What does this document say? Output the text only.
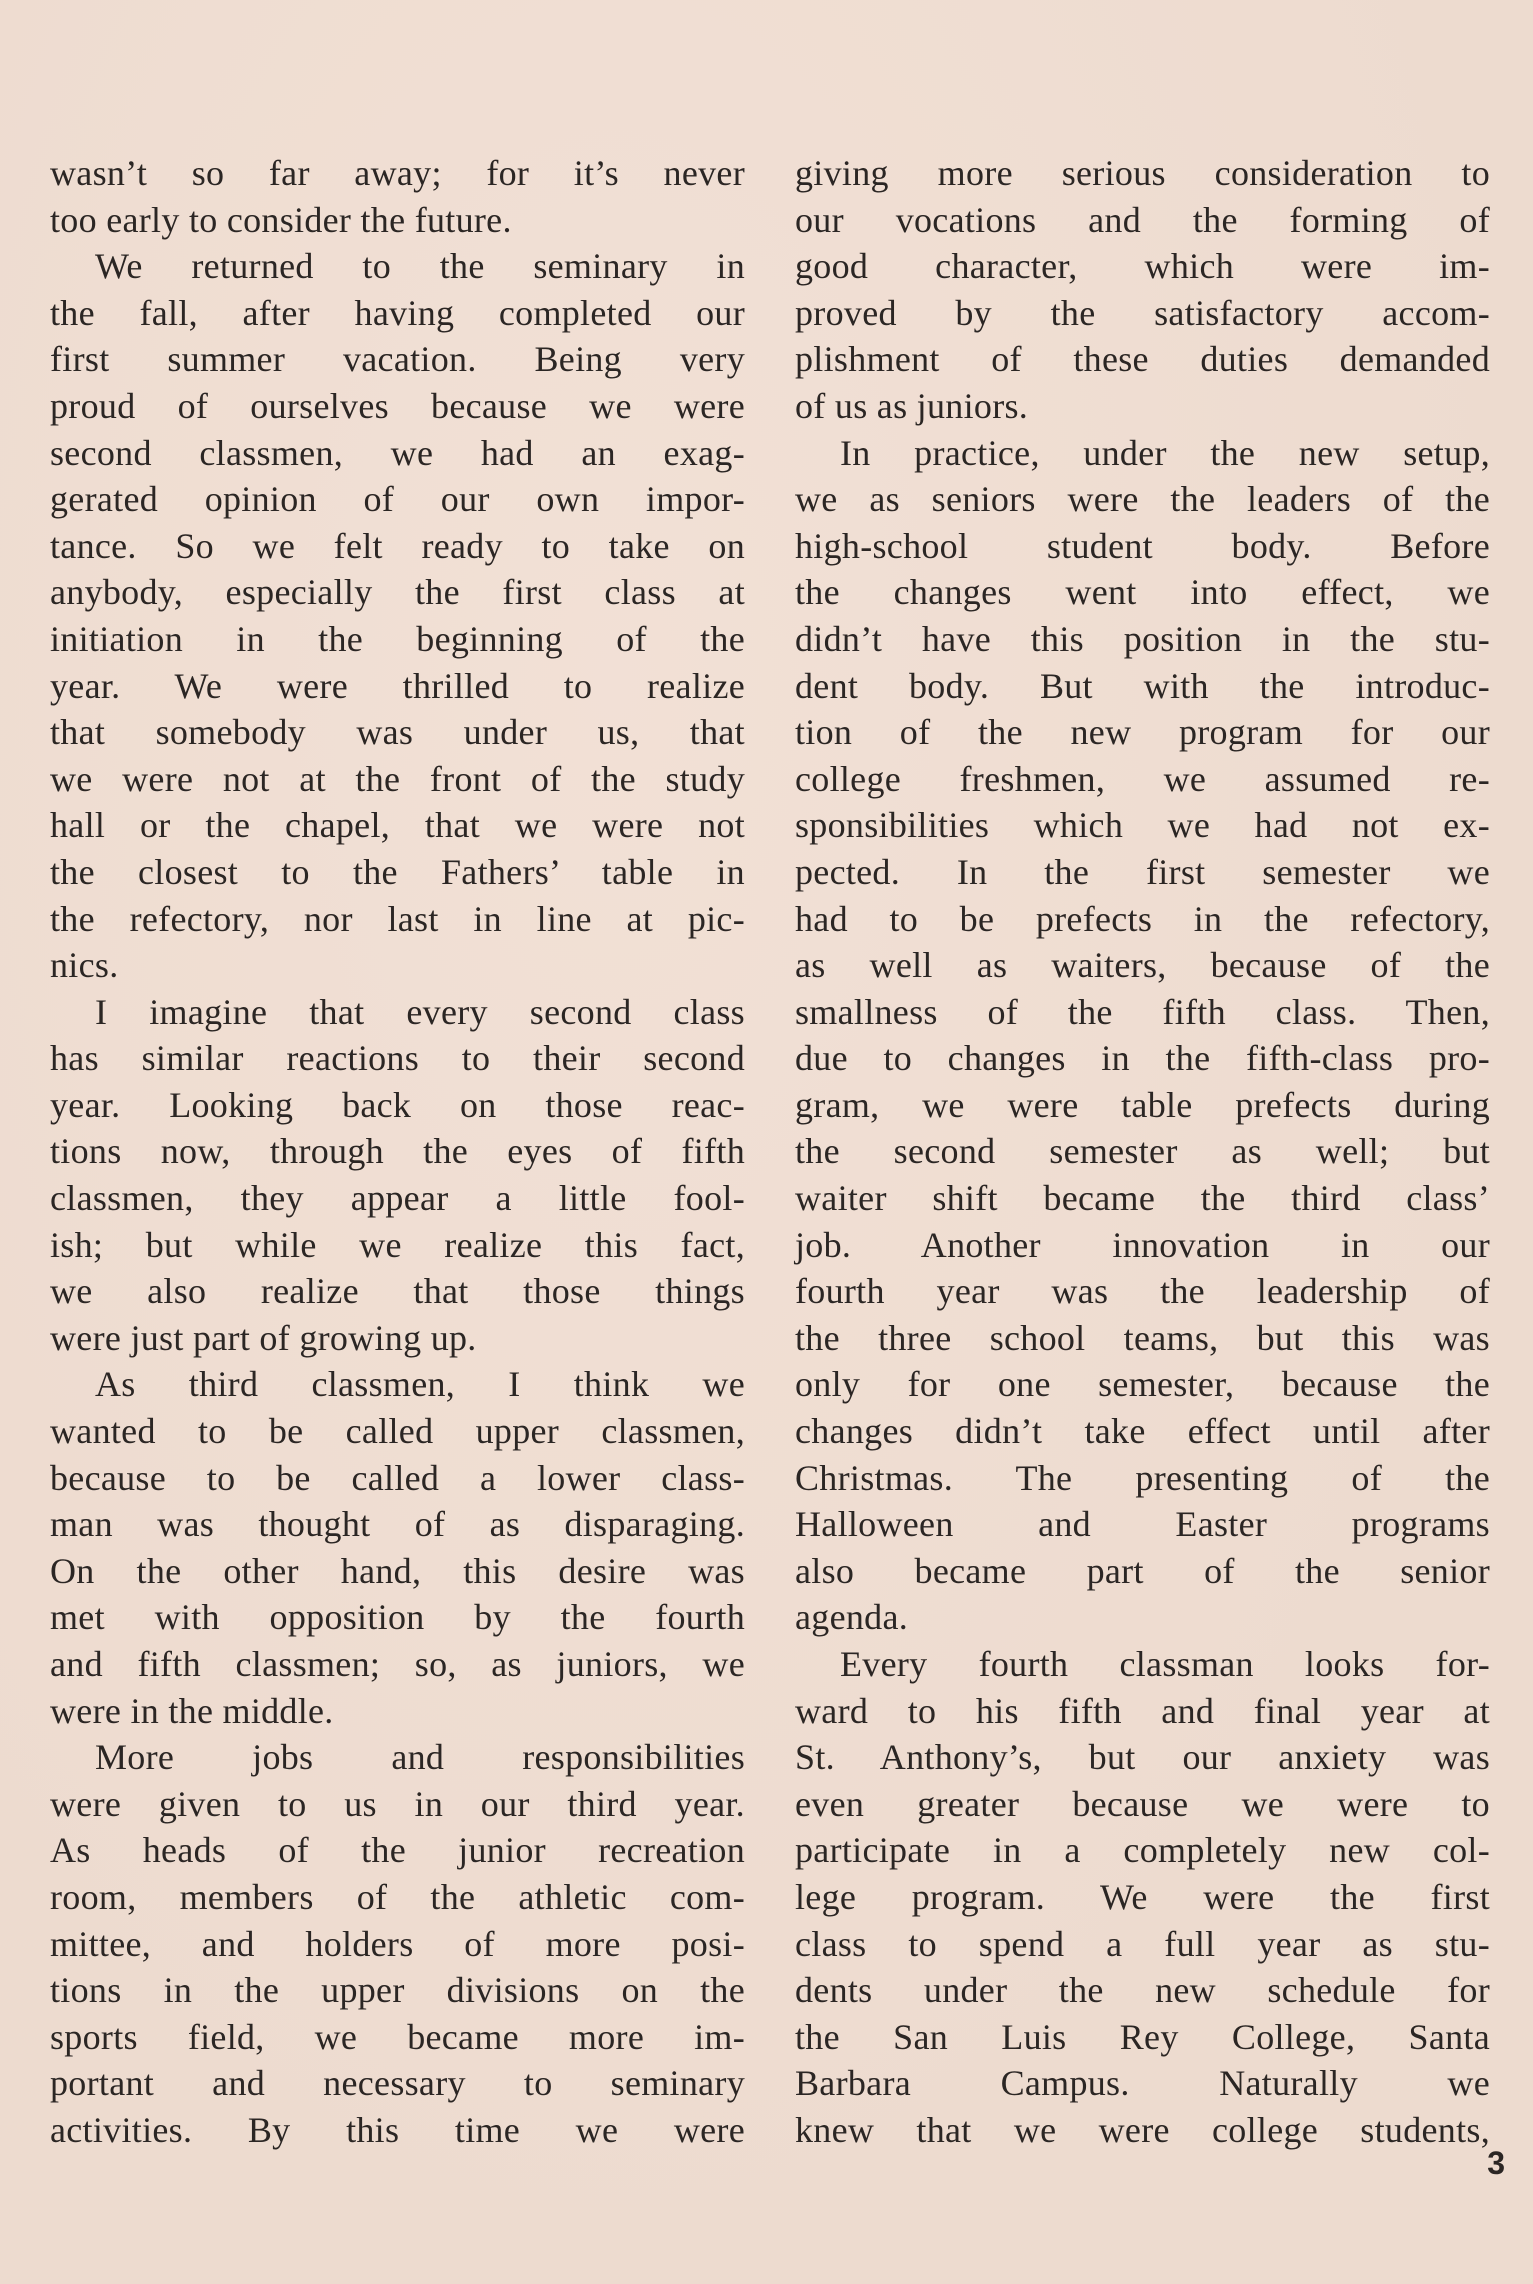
wasn’t so far away; for it’s never
too early to consider the future.
We returned to the seminary in
the fall, after having completed our
first summer vacation. Being very
proud of ourselves because we were
second classmen, we had an exag-
gerated opinion of our own impor-
tance. So we felt ready to take on
anybody, especially the first class at
initiation in the beginning of the
year. We were thrilled to realize
that somebody was under us, that
we were not at the front of the study
hall or the chapel, that we were not
the closest to the Fathers’ table in
the refectory, nor last in line at pic-
nics.
I imagine that every second class
has similar reactions to their second
year. Looking back on those reac-
tions now, through the eyes of fifth
classmen, they appear a little fool-
ish; but while we realize this fact,
we also realize that those things
were just part of growing up.
As third classmen, I think we
wanted to be called upper classmen,
because to be called a lower class-
man was thought of as disparaging.
On the other hand, this desire was
met with opposition by the fourth
and fifth classmen; so, as juniors, we
were in the middle.
More jobs and responsibilities
were given to us in our third year.
As heads of the junior recreation
room, members of the athletic com-
mittee, and holders of more posi-
tions in the upper divisions on the
sports field, we became more im-
portant and necessary to seminary
activities. By this time we were
giving more serious consideration to
our vocations and the forming of
good character, which were im-
proved by the satisfactory accom-
plishment of these duties demanded
of us as juniors.
In practice, under the new setup,
we as seniors were the leaders of the
high-school student body. Before
the changes went into effect, we
didn’t have this position in the stu-
dent body. But with the introduc-
tion of the new program for our
college freshmen, we assumed re-
sponsibilities which we had not ex-
pected. In the first semester we
had to be prefects in the refectory,
as well as waiters, because of the
smallness of the fifth class. Then,
due to changes in the fifth-class pro-
gram, we were table prefects during
the second semester as well; but
waiter shift became the third class’
job. Another innovation in our
fourth year was the leadership of
the three school teams, but this was
only for one semester, because the
changes didn’t take effect until after
Christmas. The presenting of the
Halloween and Easter programs
also became part of the senior
agenda.
Every fourth classman looks for-
ward to his fifth and final year at
St. Anthony’s, but our anxiety was
even greater because we were to
participate in a completely new col-
lege program. We were the first
class to spend a full year as stu-
dents under the new schedule for
the San Luis Rey College, Santa
Barbara Campus. Naturally we
knew that we were college students,
3
